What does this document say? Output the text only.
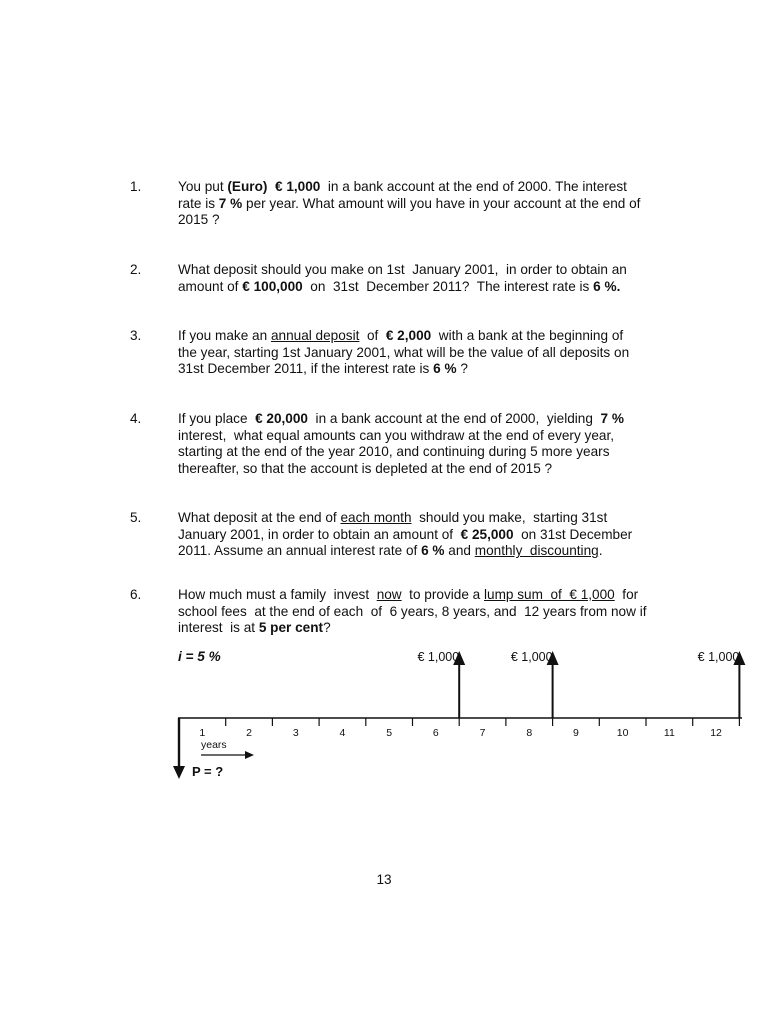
1.	You put (Euro) € 1,000  in a bank account at the end of 2000. The interest
rate is 7 % per year. What amount will you have in your account at the end of
2015 ?
2.	What deposit should you make on 1st  January 2001,  in order to obtain an
amount of € 100,000  on  31st  December 2011?  The interest rate is 6 %.
3.	If you make an annual deposit  of  € 2,000  with a bank at the beginning of
the year, starting 1st January 2001, what will be the value of all deposits on
31st December 2011, if the interest rate is 6 % ?
4.	If you place  € 20,000  in a bank account at the end of 2000,  yielding  7 %
interest,  what equal amounts can you withdraw at the end of every year,
starting at the end of the year 2010, and continuing during 5 more years
thereafter, so that the account is depleted at the end of 2015 ?
5.	What deposit at the end of each month  should you make,  starting 31st
January 2001, in order to obtain an amount of  € 25,000  on 31st December
2011. Assume an annual interest rate of 6 % and monthly  discounting.
6.	How much must a family  invest  now  to provide a lump sum  of  € 1,000  for
school fees  at the end of each  of  6 years, 8 years, and  12 years from now if
interest  is at 5 per cent?
i = 5 %
1	2	3	4	5	6	7	8	9	10	11	12
€ 1,000	€ 1,000	€ 1,000
years
P = ?
13
